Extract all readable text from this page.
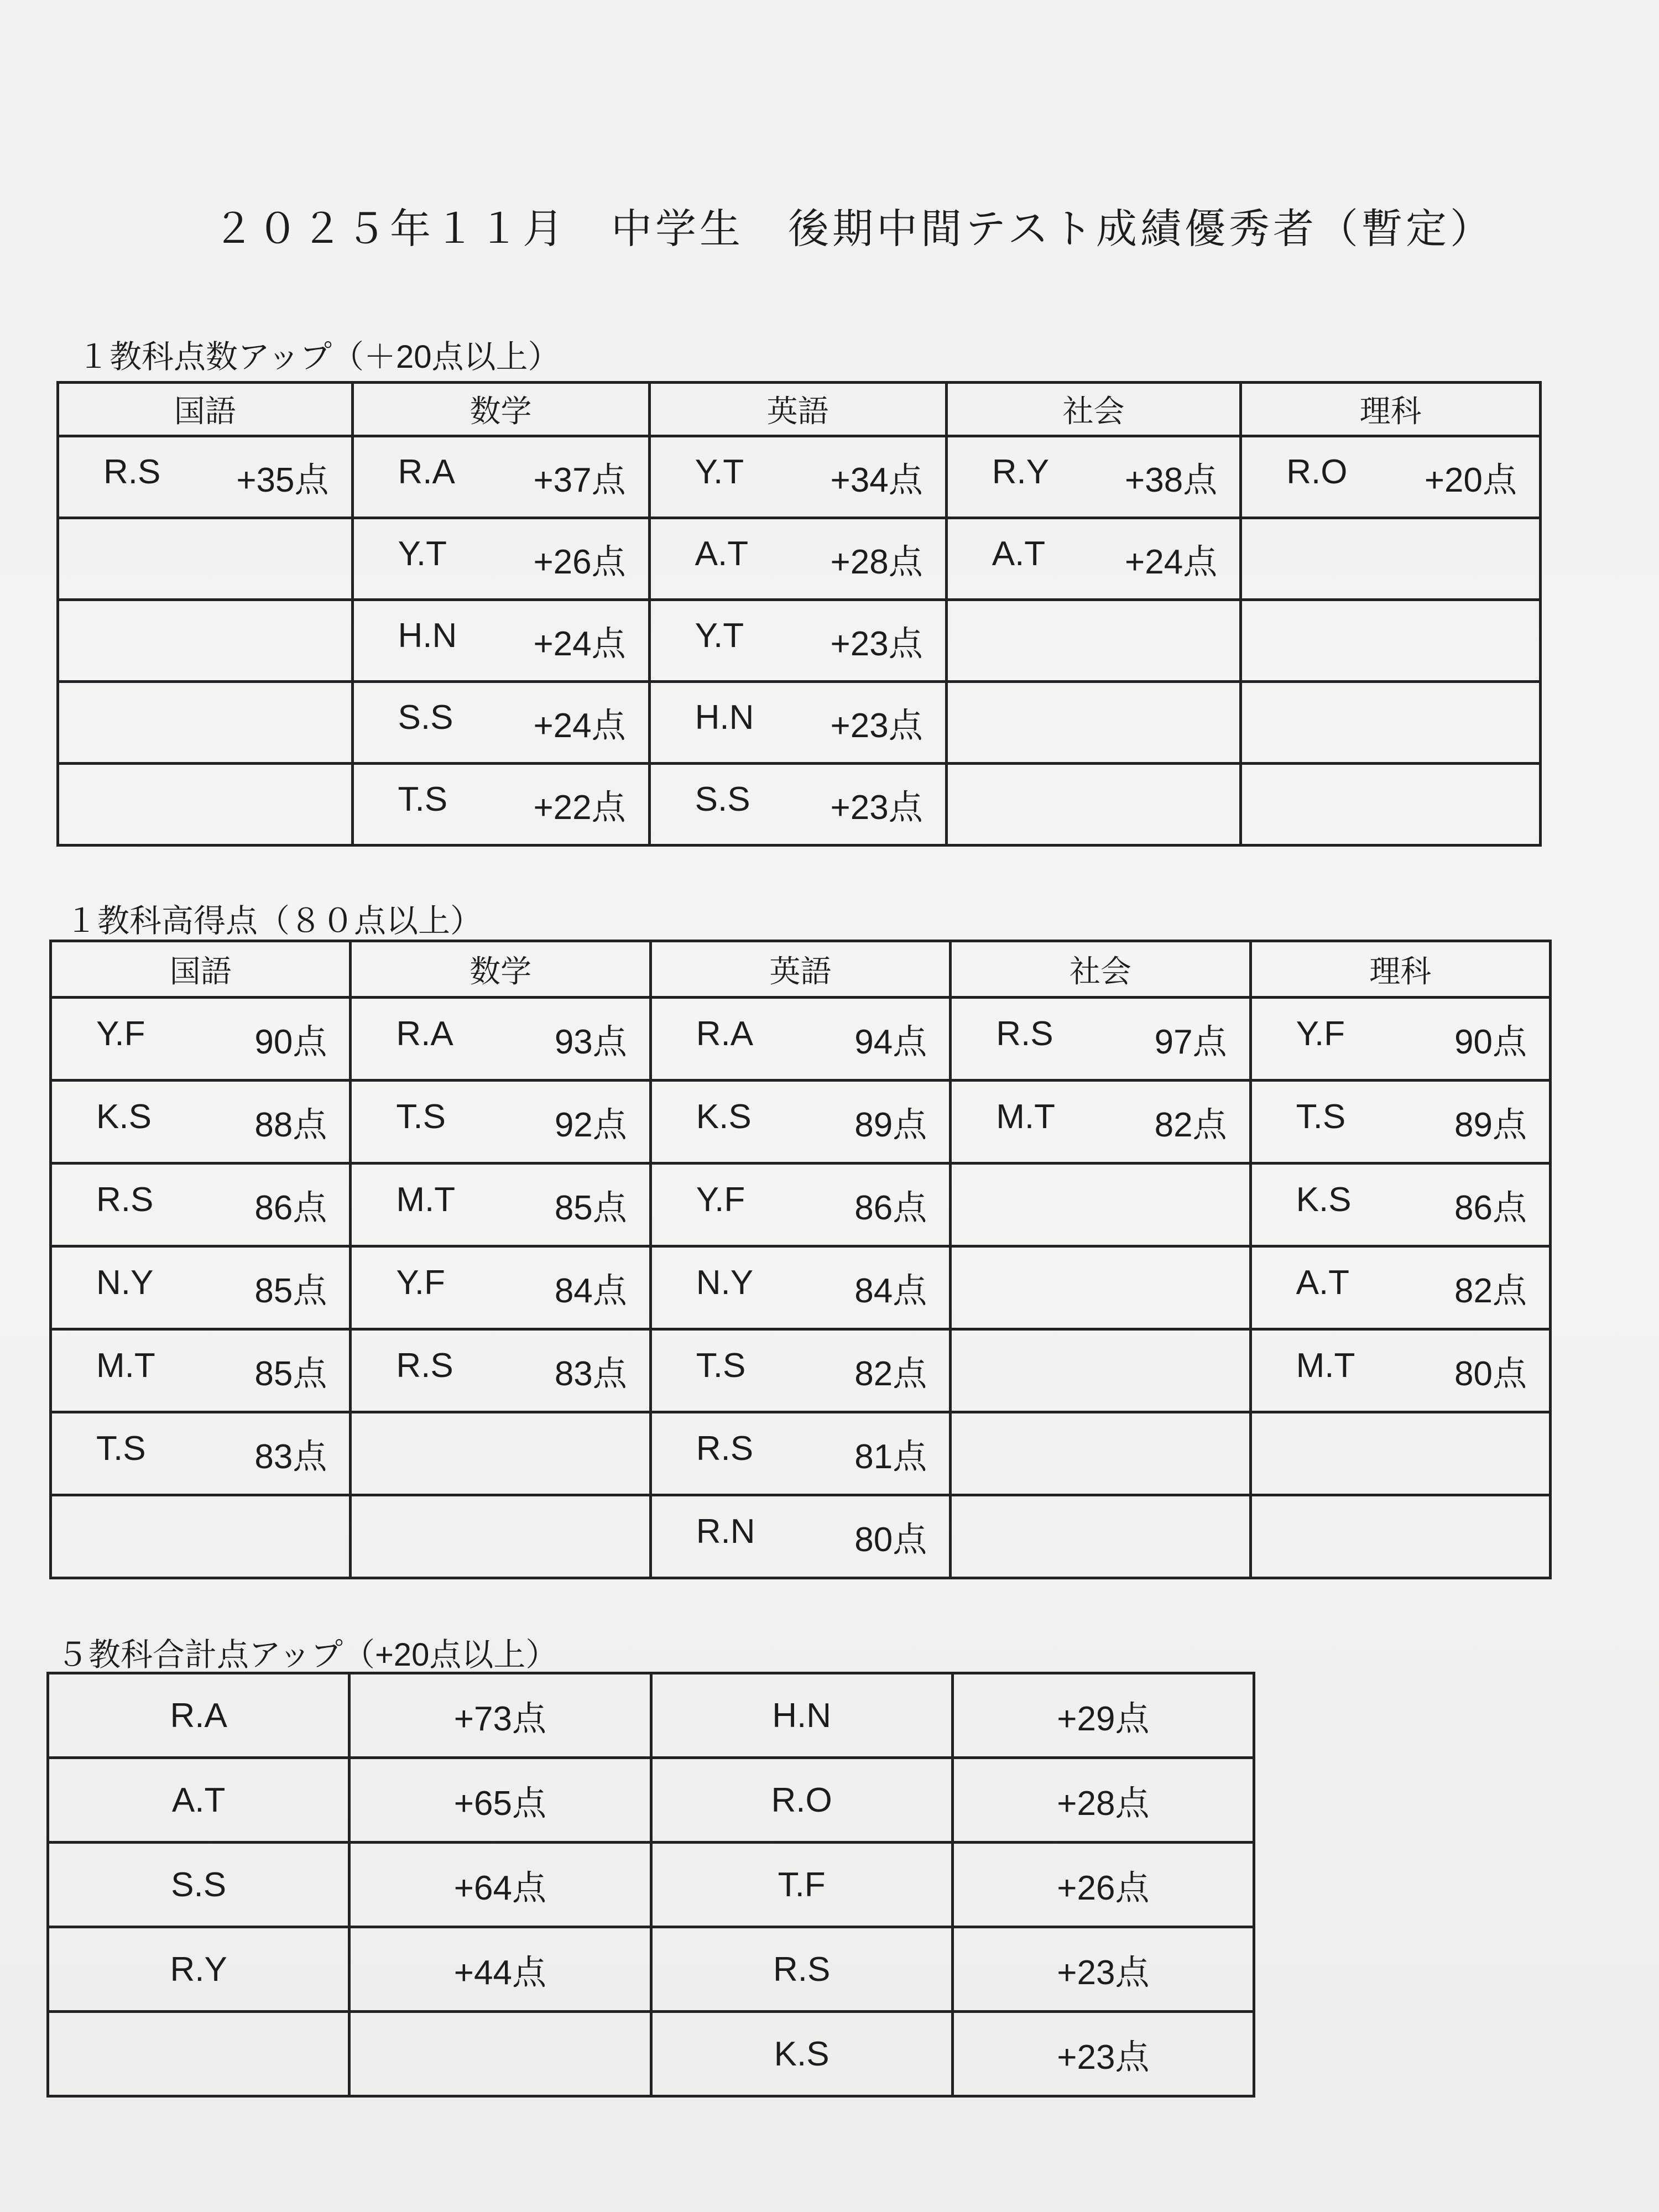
２０２５年１１月　中学生　後期中間テスト成績優秀者（暫定）
１教科点数アップ（＋20点以上）
国語	数学	英語	社会	理科

R.S +35点	R.A +37点	Y.T +34点	R.Y +38点	R.O +20点

	Y.T +26点	A.T +28点	A.T +24点	

	H.N +24点	Y.T +23点		

	S.S +24点	H.N +23点		

	T.S +22点	S.S +23点		

１教科高得点（８０点以上）
国語	数学	英語	社会	理科

Y.F 90点	R.A 93点	R.A 94点	R.S 97点	Y.F 90点

K.S 88点	T.S 92点	K.S 89点	M.T 82点	T.S 89点

R.S 86点	M.T 85点	Y.F 86点		K.S 86点

N.Y 85点	Y.F 84点	N.Y 84点		A.T 82点

M.T 85点	R.S 83点	T.S 82点		M.T 80点

T.S 83点		R.S 81点		

		R.N 80点		

５教科合計点アップ（+20点以上）
R.A	+73点	H.N	+29点
A.T	+65点	R.O	+28点
S.S	+64点	T.F	+26点
R.Y	+44点	R.S	+23点
		K.S	+23点
